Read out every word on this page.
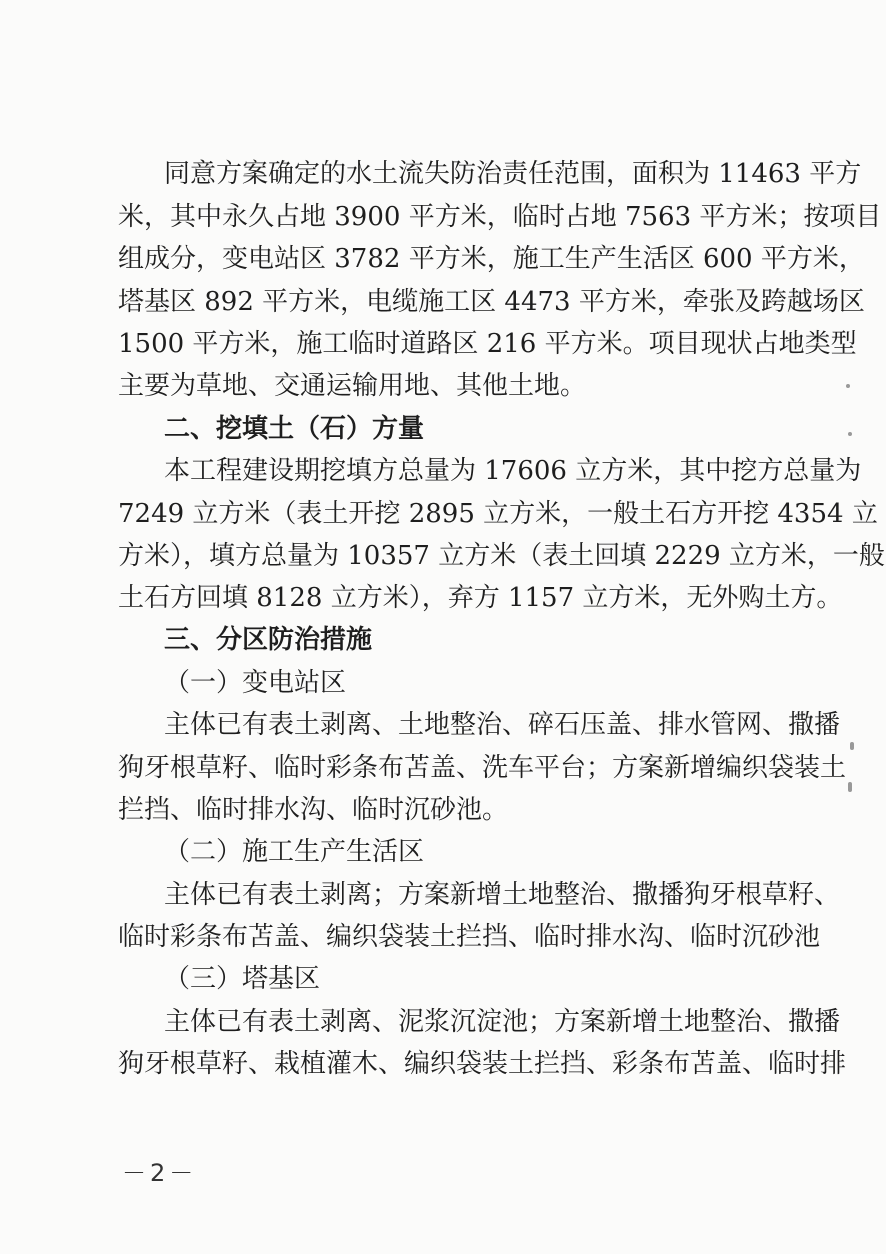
同意方案确定的水土流失防治责任范围，面积为 11463 平方
米，其中永久占地 3900 平方米，临时占地 7563 平方米；按项目
组成分，变电站区 3782 平方米，施工生产生活区 600 平方米，
塔基区 892 平方米，电缆施工区 4473 平方米，牵张及跨越场区
1500 平方米，施工临时道路区 216 平方米。项目现状占地类型
主要为草地、交通运输用地、其他土地。
二、挖填土（石）方量
本工程建设期挖填方总量为 17606 立方米，其中挖方总量为
7249 立方米（表土开挖 2895 立方米，一般土石方开挖 4354 立
方米），填方总量为 10357 立方米（表土回填 2229 立方米，一般
土石方回填 8128 立方米），弃方 1157 立方米，无外购土方。
三、分区防治措施
（一）变电站区
主体已有表土剥离、土地整治、碎石压盖、排水管网、撒播
狗牙根草籽、临时彩条布苫盖、洗车平台；方案新增编织袋装土
拦挡、临时排水沟、临时沉砂池。
（二）施工生产生活区
主体已有表土剥离；方案新增土地整治、撒播狗牙根草籽、
临时彩条布苫盖、编织袋装土拦挡、临时排水沟、临时沉砂池
（三）塔基区
主体已有表土剥离、泥浆沉淀池；方案新增土地整治、撒播
狗牙根草籽、栽植灌木、编织袋装土拦挡、彩条布苫盖、临时排
－2－
